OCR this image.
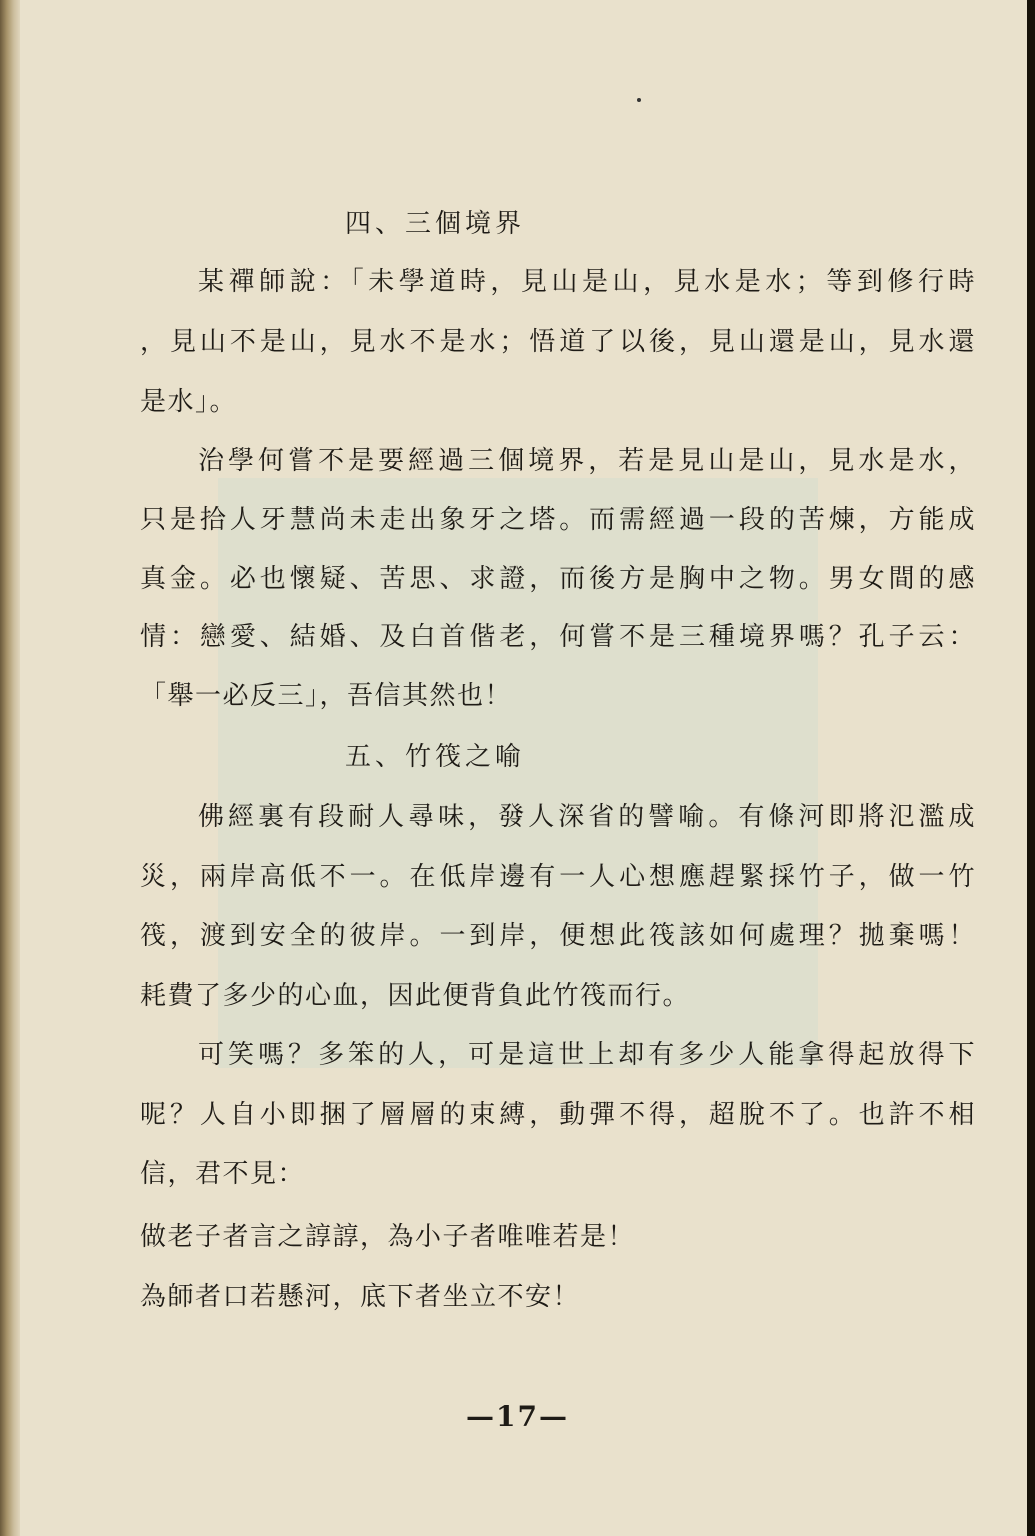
四、三個境界

某禪師說：「未學道時，見山是山，見水是水；等到修行時

，見山不是山，見水不是水；悟道了以後，見山還是山，見水還

是水」。

治學何嘗不是要經過三個境界，若是見山是山，見水是水，

只是拾人牙慧尚未走出象牙之塔。而需經過一段的苦煉，方能成

真金。必也懷疑、苦思、求證，而後方是胸中之物。男女間的感

情：戀愛、結婚、及白首偕老，何嘗不是三種境界嗎？孔子云：

「舉一必反三」，吾信其然也！

五、竹筏之喻

佛經裏有段耐人尋味，發人深省的譬喻。有條河即將氾濫成

災，兩岸高低不一。在低岸邊有一人心想應趕緊採竹子，做一竹

筏，渡到安全的彼岸。一到岸，便想此筏該如何處理？拋棄嗎！

耗費了多少的心血，因此便背負此竹筏而行。

可笑嗎？多笨的人，可是這世上却有多少人能拿得起放得下

呢？人自小即捆了層層的束縛，動彈不得，超脫不了。也許不相

信，君不見：

做老子者言之諄諄，為小子者唯唯若是！

為師者口若懸河，底下者坐立不安！

—17—
